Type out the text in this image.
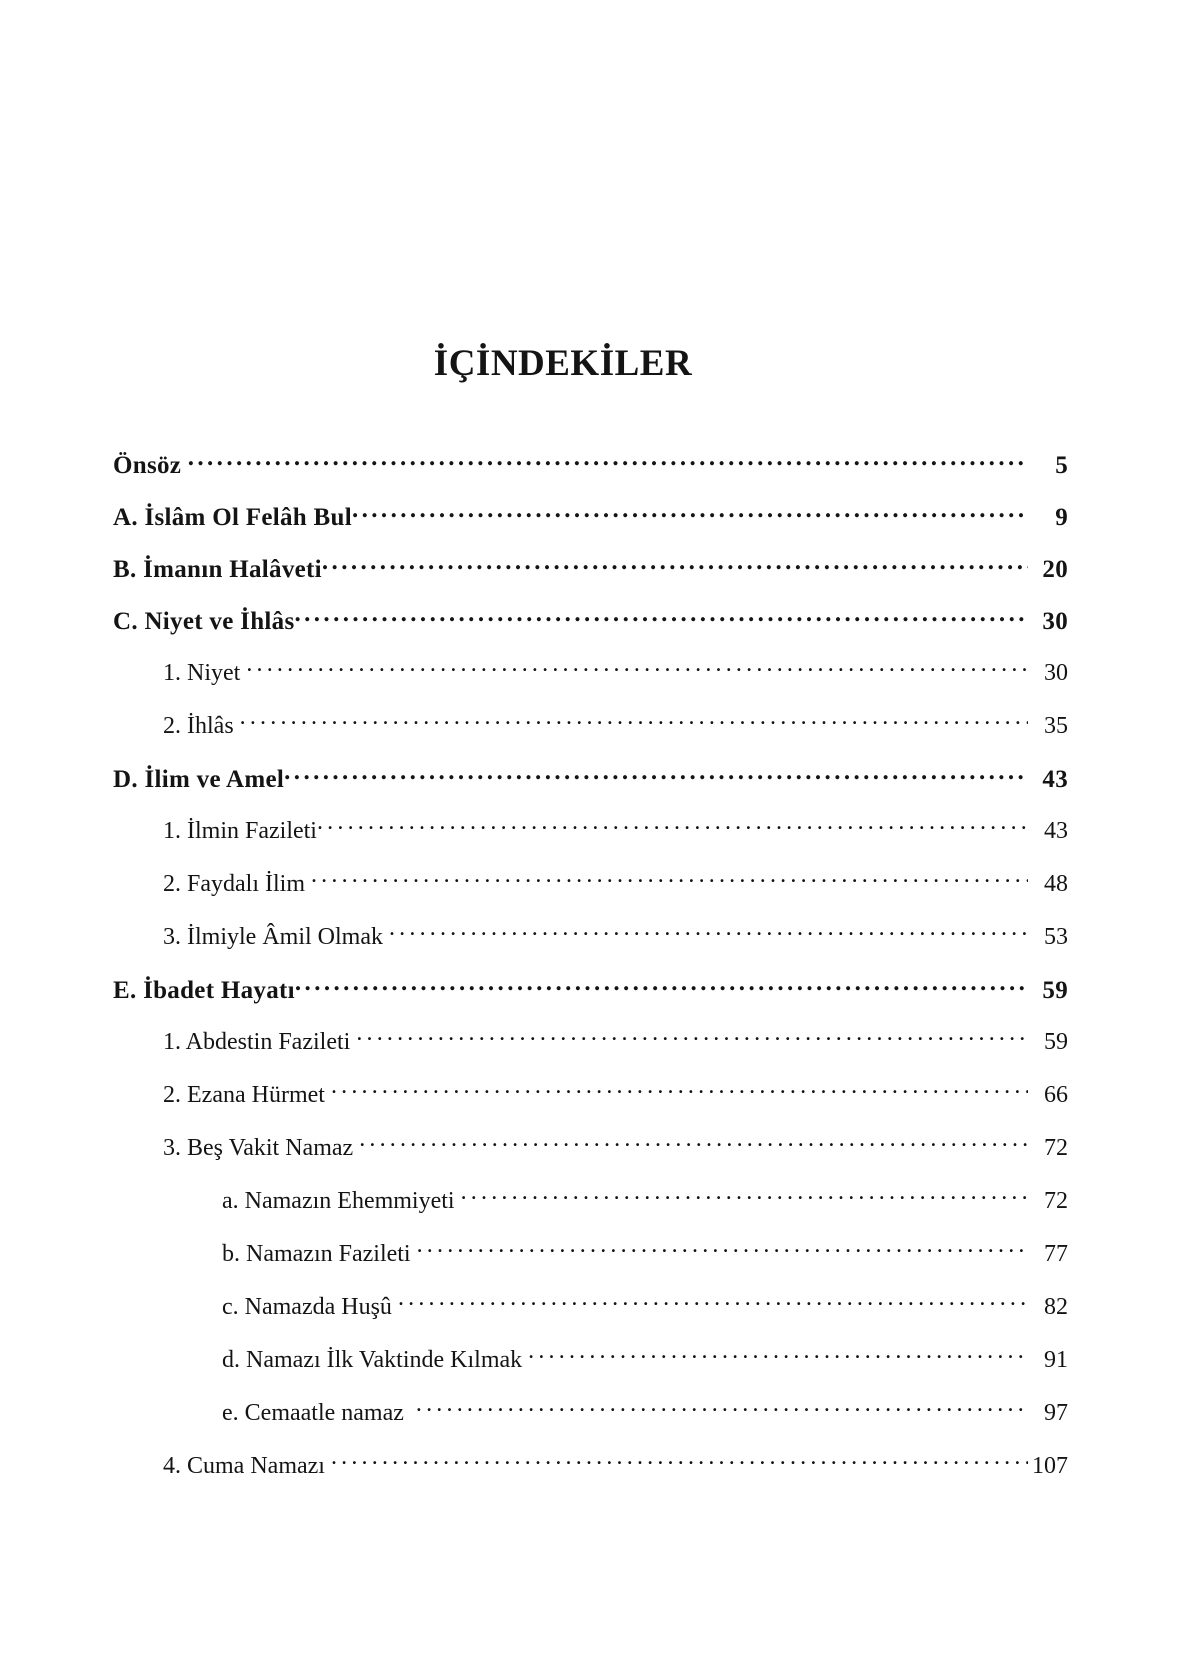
İÇİNDEKİLER
Önsöz .....	5
A. İslâm Ol Felâh Bul .....	9
B. İmanın Halâveti .....	20
C. Niyet ve İhlâs .....	30
1. Niyet .....	30
2. İhlâs .....	35
D. İlim ve Amel .....	43
1. İlmin Fazileti .....	43
2. Faydalı İlim .....	48
3. İlmiyle Âmil Olmak .....	53
E. İbadet Hayatı .....	59
1. Abdestin Fazileti .....	59
2. Ezana Hürmet .....	66
3. Beş Vakit Namaz .....	72
a. Namazın Ehemmiyeti .....	72
b. Namazın Fazileti .....	77
c. Namazda Huşû .....	82
d. Namazı İlk Vaktinde Kılmak .....	91
e. Cemaatle namaz .....	97
4. Cuma Namazı .....	107
